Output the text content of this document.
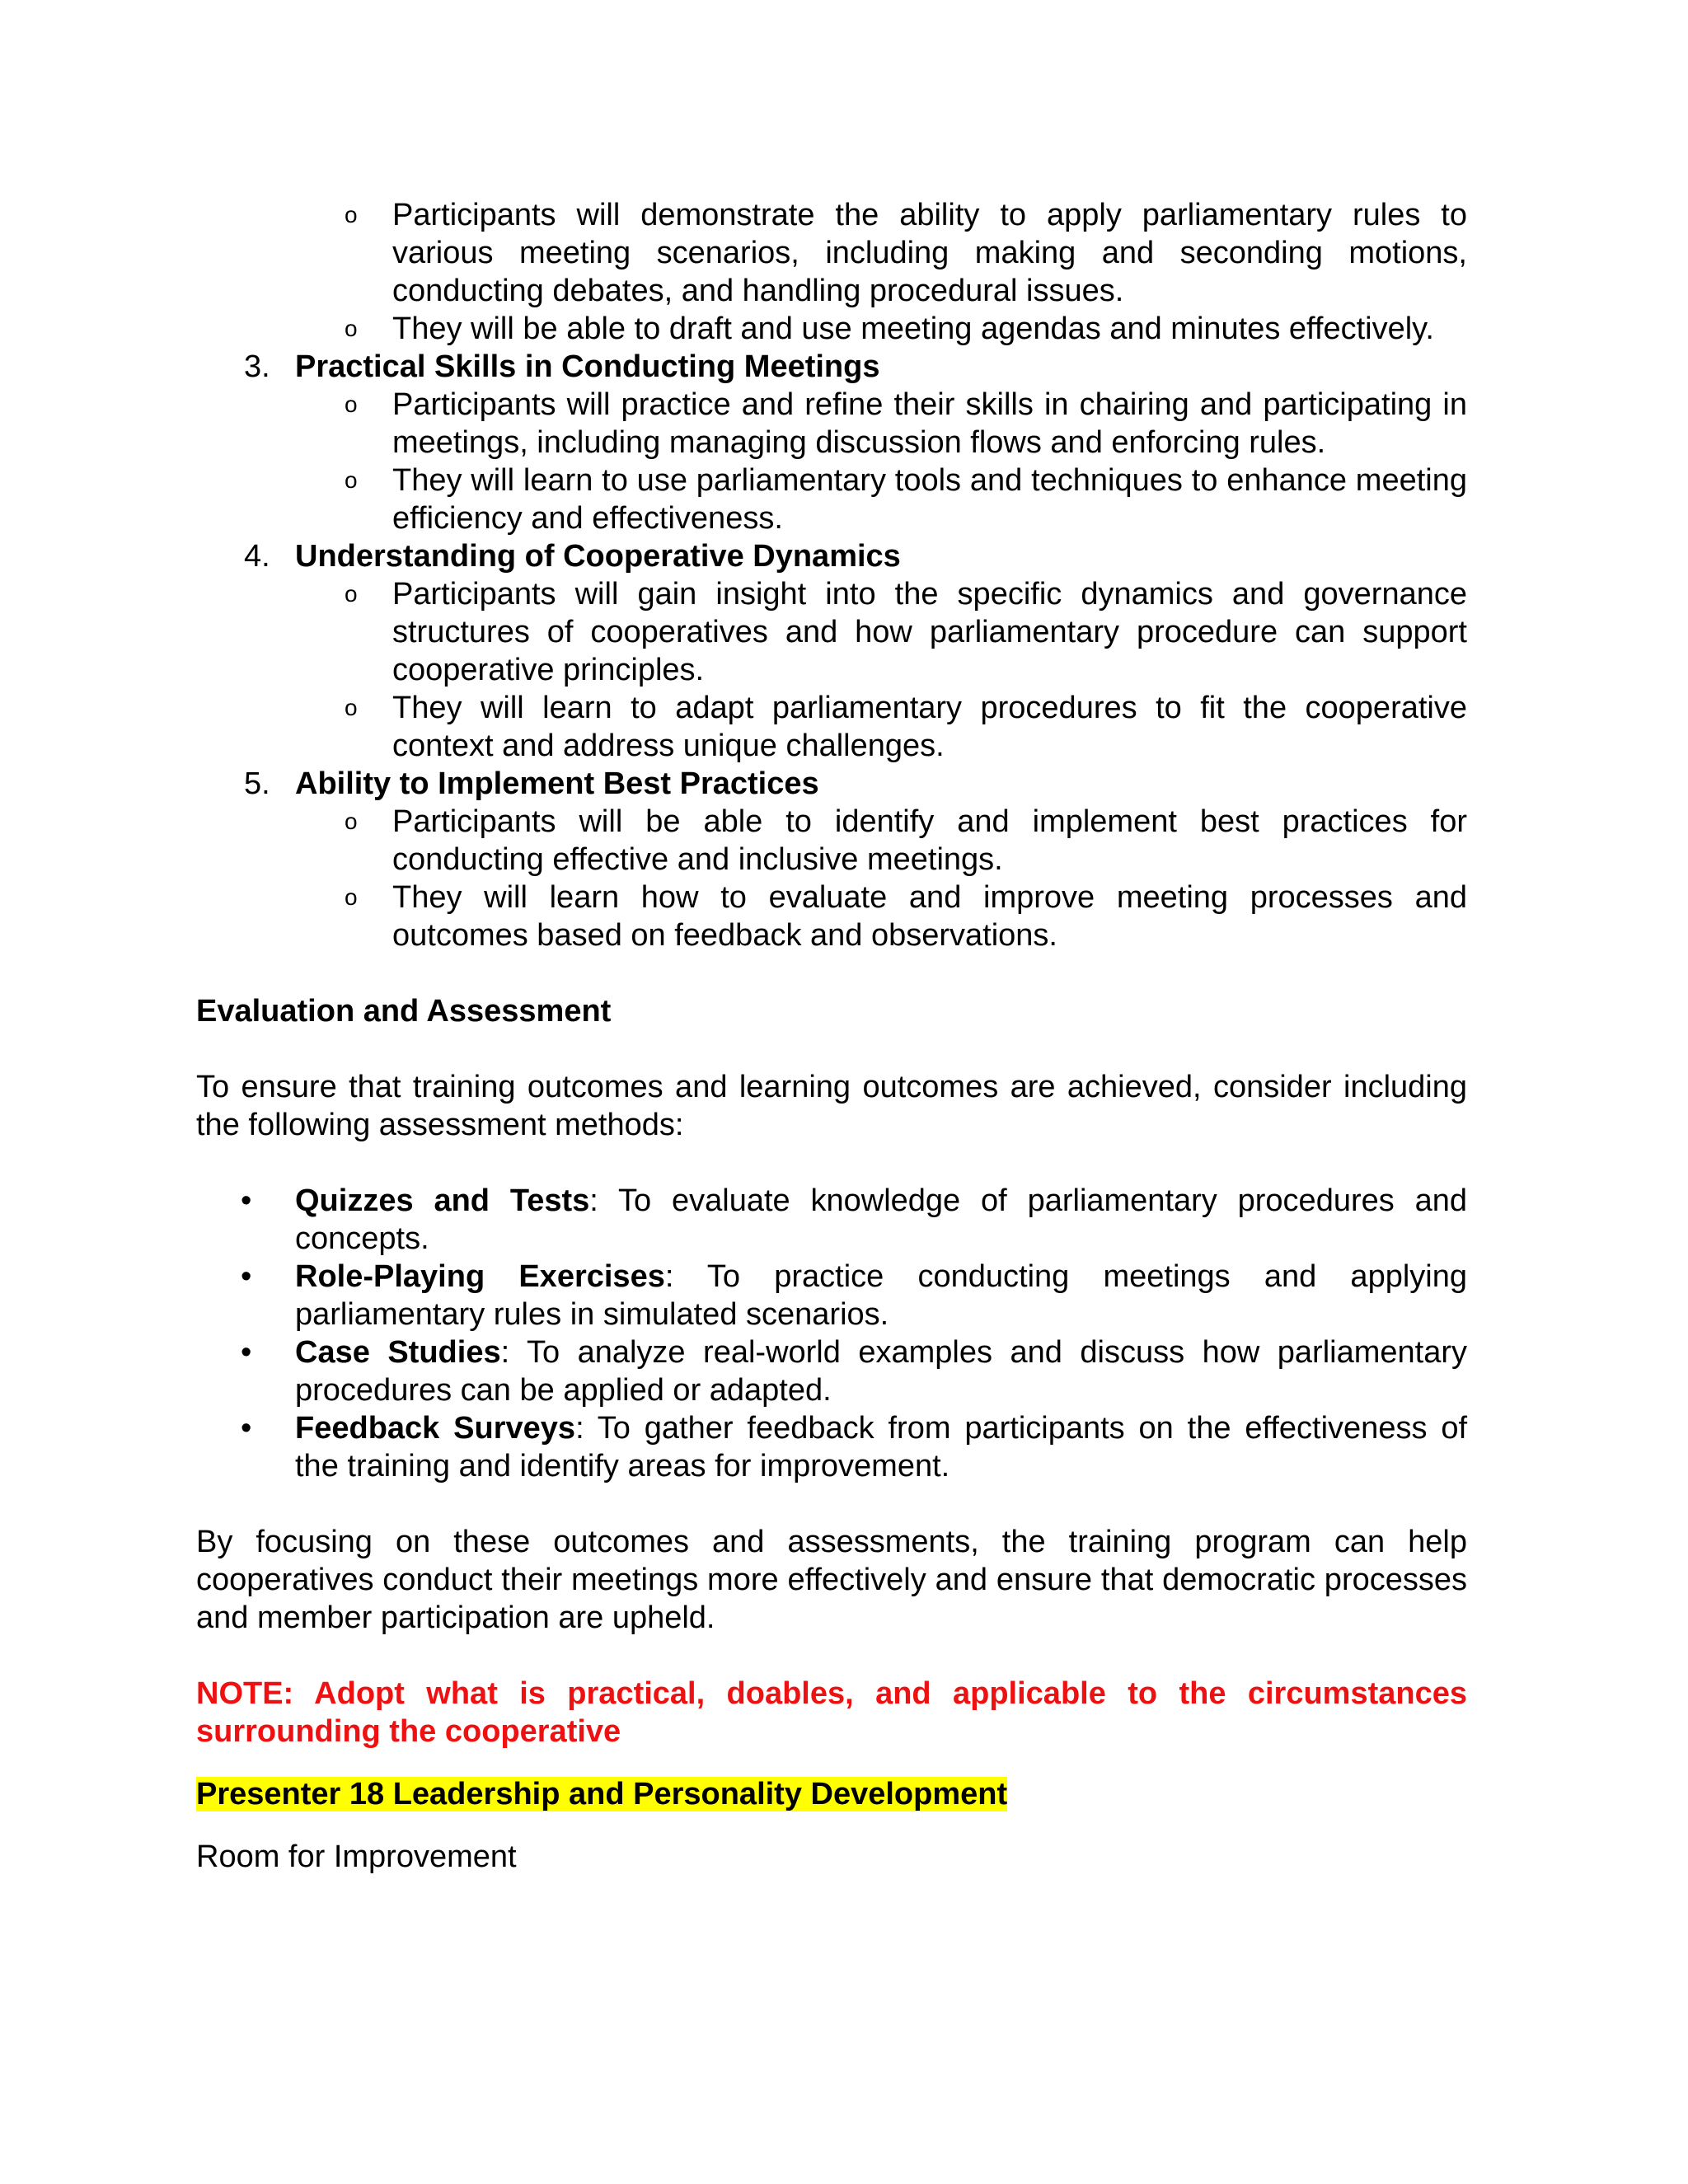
o Participants will demonstrate the ability to apply parliamentary rules to various meeting scenarios, including making and seconding motions, conducting debates, and handling procedural issues.
o They will be able to draft and use meeting agendas and minutes effectively.
3. Practical Skills in Conducting Meetings
o Participants will practice and refine their skills in chairing and participating in meetings, including managing discussion flows and enforcing rules.
o They will learn to use parliamentary tools and techniques to enhance meeting efficiency and effectiveness.
4. Understanding of Cooperative Dynamics
o Participants will gain insight into the specific dynamics and governance structures of cooperatives and how parliamentary procedure can support cooperative principles.
o They will learn to adapt parliamentary procedures to fit the cooperative context and address unique challenges.
5. Ability to Implement Best Practices
o Participants will be able to identify and implement best practices for conducting effective and inclusive meetings.
o They will learn how to evaluate and improve meeting processes and outcomes based on feedback and observations.
Evaluation and Assessment
To ensure that training outcomes and learning outcomes are achieved, consider including the following assessment methods:
• Quizzes and Tests: To evaluate knowledge of parliamentary procedures and concepts.
• Role-Playing Exercises: To practice conducting meetings and applying parliamentary rules in simulated scenarios.
• Case Studies: To analyze real-world examples and discuss how parliamentary procedures can be applied or adapted.
• Feedback Surveys: To gather feedback from participants on the effectiveness of the training and identify areas for improvement.
By focusing on these outcomes and assessments, the training program can help cooperatives conduct their meetings more effectively and ensure that democratic processes and member participation are upheld.
NOTE: Adopt what is practical, doables, and applicable to the circumstances surrounding the cooperative
Presenter 18 Leadership and Personality Development
Room for Improvement
